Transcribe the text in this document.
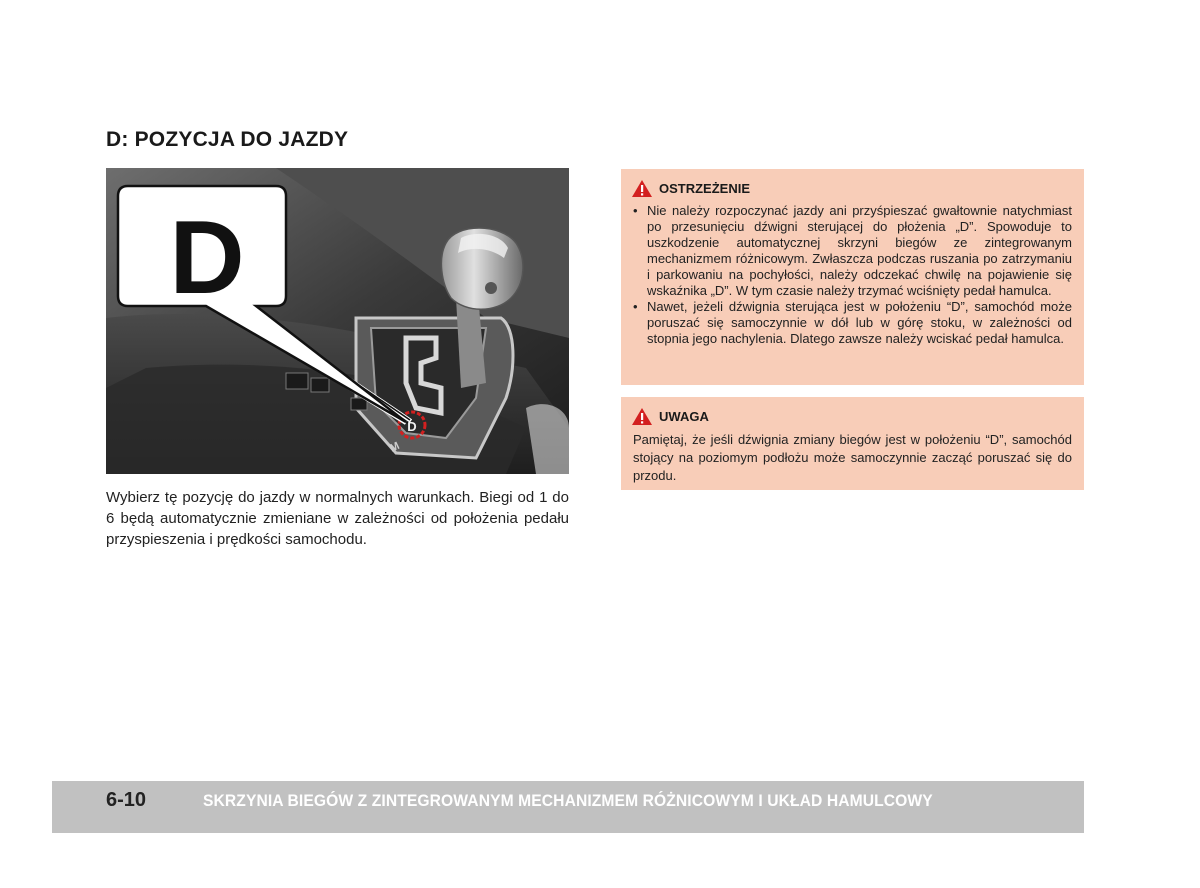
D: POZYCJA DO JAZDY
D
M
D
Wybierz tę pozycję do jazdy w normalnych warunkach. Biegi od 1 do 6 będą automatycznie zmieniane w zależności od położenia pedału przyspieszenia i prędkości samochodu.
OSTRZEŻENIE
• Nie należy rozpoczynać jazdy ani przyśpieszać gwałtownie natychmiast po przesunięciu dźwigni sterującej do płożenia „D”. Spowoduje to uszkodzenie automatycznej skrzyni biegów ze zintegrowanym mechanizmem różnicowym. Zwłaszcza podczas ruszania po zatrzymaniu i parkowaniu na pochyłości, należy odczekać chwilę na pojawienie się wskaźnika „D”. W tym czasie należy trzymać wciśnięty pedał hamulca.
• Nawet, jeżeli dźwignia sterująca jest w położeniu “D”, samochód może poruszać się samoczynnie w dół lub w górę stoku, w zależności od stopnia jego nachylenia. Dlatego zawsze należy wciskać pedał hamulca.
UWAGA
Pamiętaj, że jeśli dźwignia zmiany biegów jest w położeniu “D”, samochód stojący na poziomym podłożu może samoczynnie zacząć poruszać się do przodu.
6-10	SKRZYNIA BIEGÓW Z ZINTEGROWANYM MECHANIZMEM RÓŻNICOWYM I UKŁAD HAMULCOWY
